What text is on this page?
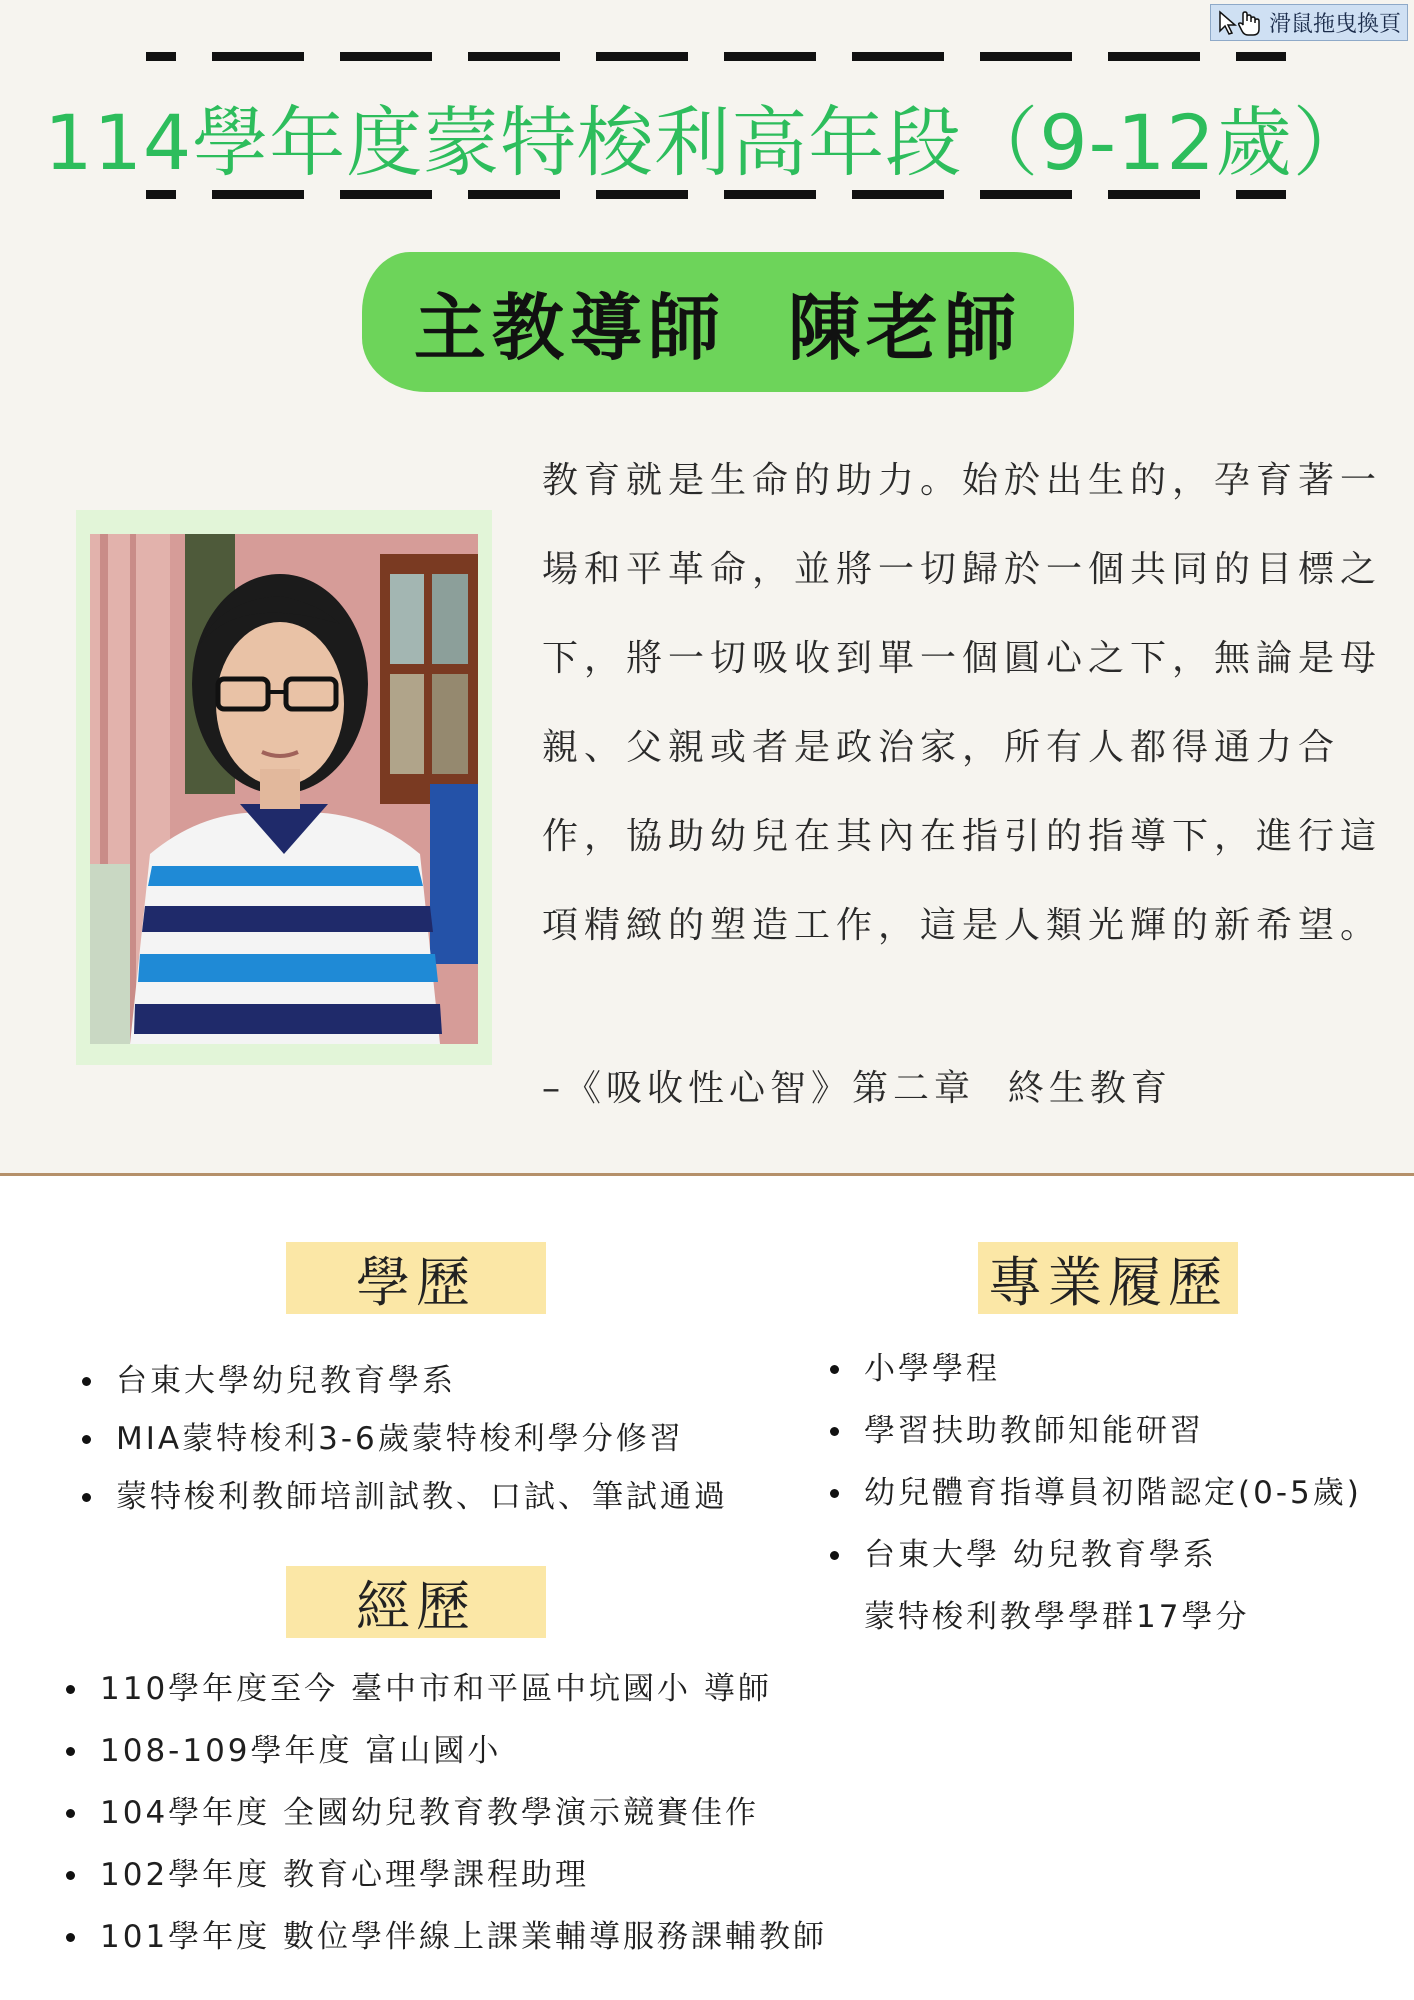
滑鼠拖曳換頁
114學年度蒙特梭利高年段（9-12歲）
主教導師  陳老師
教育就是生命的助力。始於出生的，孕育著一
場和平革命，並將一切歸於一個共同的目標之
下，將一切吸收到單一個圓心之下，無論是母
親、父親或者是政治家，所有人都得通力合
作，協助幼兒在其內在指引的指導下，進行這
項精緻的塑造工作，這是人類光輝的新希望。
–《吸收性心智》第二章  終生教育
學歷
台東大學幼兒教育學系
MIA蒙特梭利3-6歲蒙特梭利學分修習
蒙特梭利教師培訓試教、口試、筆試通過
專業履歷
小學學程
學習扶助教師知能研習
幼兒體育指導員初階認定(0-5歲)
台東大學 幼兒教育學系
蒙特梭利教學學群17學分
經歷
110學年度至今 臺中市和平區中坑國小 導師
108-109學年度 富山國小
104學年度 全國幼兒教育教學演示競賽佳作
102學年度 教育心理學課程助理
101學年度 數位學伴線上課業輔導服務課輔教師
